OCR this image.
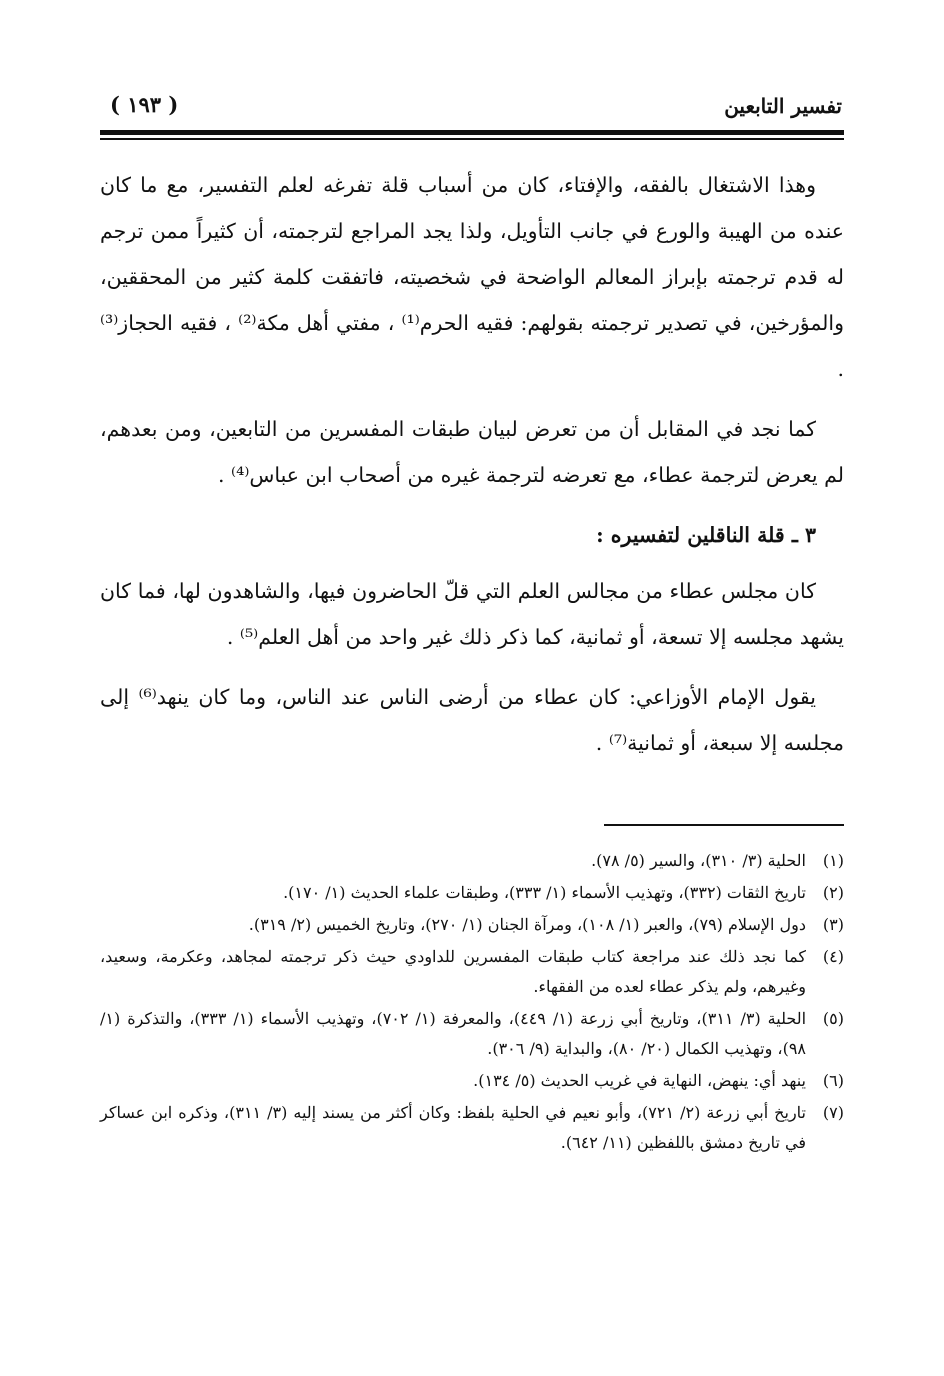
تفسير التابعين
( ١٩٣ )

وهذا الاشتغال بالفقه، والإفتاء، كان من أسباب قلة تفرغه لعلم التفسير، مع ما كان عنده من الهيبة والورع في جانب التأويل، ولذا يجد المراجع لترجمته، أن كثيراً ممن ترجم له قدم ترجمته بإبراز المعالم الواضحة في شخصيته، فاتفقت كلمة كثير من المحققين، والمؤرخين، في تصدير ترجمته بقولهم: فقيه الحرم⁽¹⁾ ، مفتي أهل مكة⁽²⁾ ، فقيه الحجاز⁽³⁾ .

كما نجد في المقابل أن من تعرض لبيان طبقات المفسرين من التابعين، ومن بعدهم، لم يعرض لترجمة عطاء، مع تعرضه لترجمة غيره من أصحاب ابن عباس⁽⁴⁾ .

٣ ـ قلة الناقلين لتفسيره :

كان مجلس عطاء من مجالس العلم التي قلّ الحاضرون فيها، والشاهدون لها، فما كان يشهد مجلسه إلا تسعة، أو ثمانية، كما ذكر ذلك غير واحد من أهل العلم⁽⁵⁾ .

يقول الإمام الأوزاعي: كان عطاء من أرضى الناس عند الناس، وما كان ينهد⁽⁶⁾ إلى مجلسه إلا سبعة، أو ثمانية⁽⁷⁾ .

(١)
الحلية (٣/ ٣١٠)، والسير (٥/ ٧٨).
(٢)
تاريخ الثقات (٣٣٢)، وتهذيب الأسماء (١/ ٣٣٣)، وطبقات علماء الحديث (١/ ١٧٠).
(٣)
دول الإسلام (٧٩)، والعبر (١/ ١٠٨)، ومرآة الجنان (١/ ٢٧٠)، وتاريخ الخميس (٢/ ٣١٩).
(٤)
كما نجد ذلك عند مراجعة كتاب طبقات المفسرين للداودي حيث ذكر ترجمته لمجاهد، وعكرمة، وسعيد، وغيرهم، ولم يذكر عطاء لعده من الفقهاء.
(٥)
الحلية (٣/ ٣١١)، وتاريخ أبي زرعة (١/ ٤٤٩)، والمعرفة (١/ ٧٠٢)، وتهذيب الأسماء (١/ ٣٣٣)، والتذكرة (١/ ٩٨)، وتهذيب الكمال (٢٠/ ٨٠)، والبداية (٩/ ٣٠٦).
(٦)
ينهد أي: ينهض، النهاية في غريب الحديث (٥/ ١٣٤).
(٧)
تاريخ أبي زرعة (٢/ ٧٢١)، وأبو نعيم في الحلية بلفظ: وكان أكثر من يسند إليه (٣/ ٣١١)، وذكره ابن عساكر في تاريخ دمشق باللفظين (١١/ ٦٤٢).
